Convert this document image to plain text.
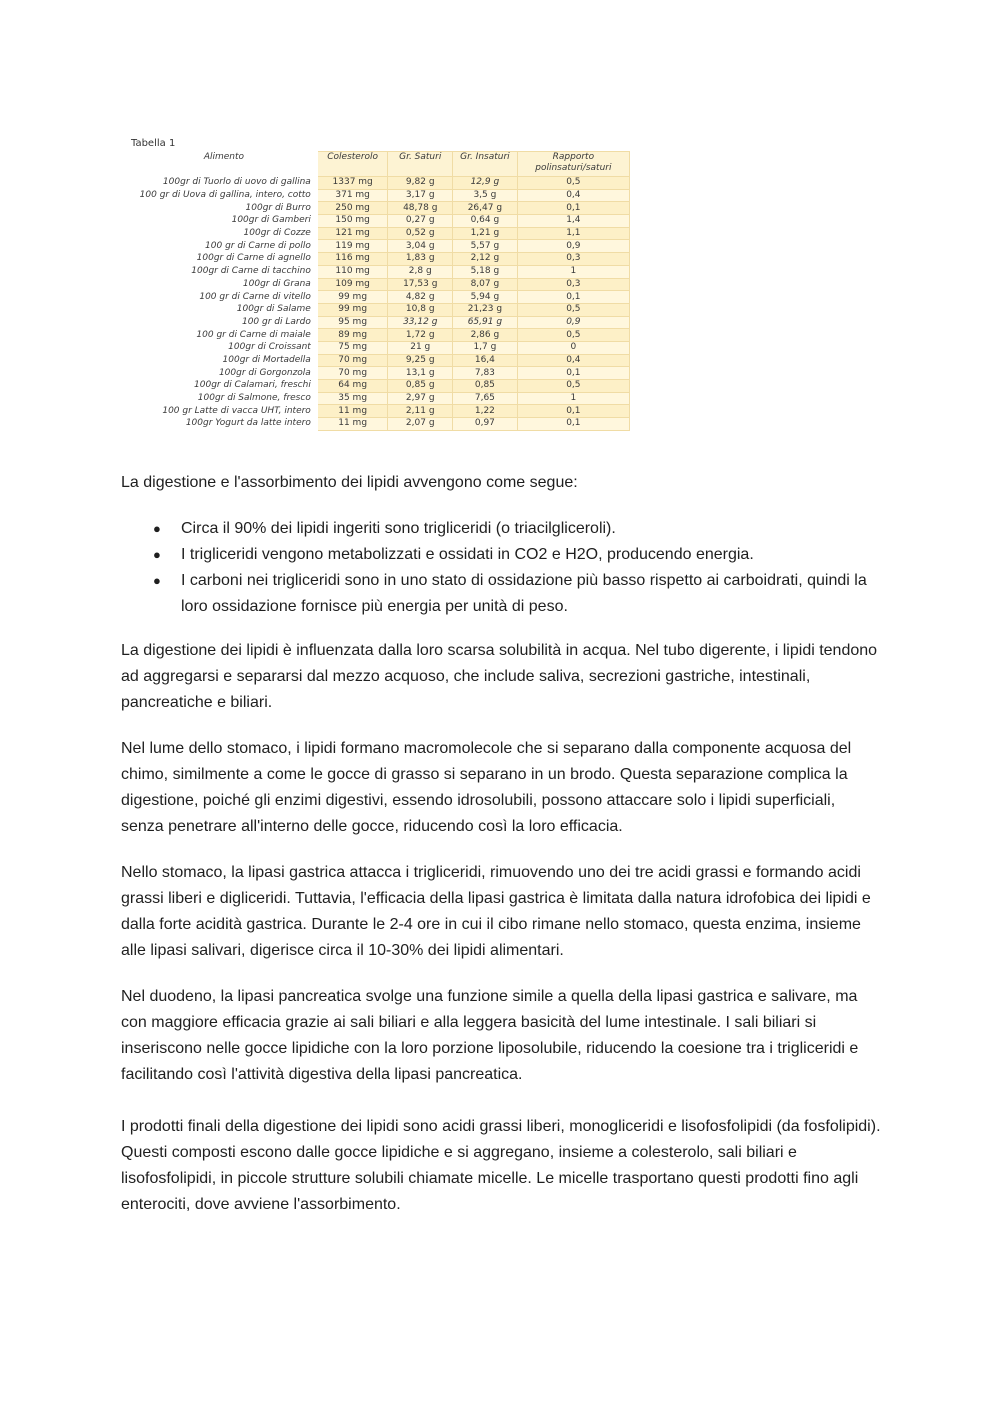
Tabella 1
Alimento	Colesterolo	Gr. Saturi	Gr. Insaturi	Rapporto polinsaturi/saturi
100gr di Tuorlo di uovo di gallina	1337 mg	9,82 g	12,9 g	0,5
100 gr di Uova di gallina, intero, cotto	371 mg	3,17 g	3,5 g	0,4
100gr di Burro	250 mg	48,78 g	26,47 g	0,1
100gr di Gamberi	150 mg	0,27 g	0,64 g	1,4
100gr di Cozze	121 mg	0,52 g	1,21 g	1,1
100 gr di Carne di pollo	119 mg	3,04 g	5,57 g	0,9
100gr di Carne di agnello	116 mg	1,83 g	2,12 g	0,3
100gr di Carne di tacchino	110 mg	2,8 g	5,18 g	1
100gr di Grana	109 mg	17,53 g	8,07 g	0,3
100 gr di Carne di vitello	99 mg	4,82 g	5,94 g	0,1
100gr di Salame	99 mg	10,8 g	21,23 g	0,5
100 gr di Lardo	95 mg	33,12 g	65,91 g	0,9
100 gr di Carne di maiale	89 mg	1,72 g	2,86 g	0,5
100gr di Croissant	75 mg	21 g	1,7 g	0
100gr di Mortadella	70 mg	9,25 g	16,4	0,4
100gr di Gorgonzola	70 mg	13,1 g	7,83	0,1
100gr di Calamari, freschi	64 mg	0,85 g	0,85	0,5
100gr di Salmone, fresco	35 mg	2,97 g	7,65	1
100 gr Latte di vacca UHT, intero	11 mg	2,11 g	1,22	0,1
100gr Yogurt da latte intero	11 mg	2,07 g	0,97	0,1

La digestione e l'assorbimento dei lipidi avvengono come segue:

● Circa il 90% dei lipidi ingeriti sono trigliceridi (o triacilgliceroli).
● I trigliceridi vengono metabolizzati e ossidati in CO2 e H2O, producendo energia.
● I carboni nei trigliceridi sono in uno stato di ossidazione più basso rispetto ai carboidrati, quindi la loro ossidazione fornisce più energia per unità di peso.

La digestione dei lipidi è influenzata dalla loro scarsa solubilità in acqua. Nel tubo digerente, i lipidi tendono ad aggregarsi e separarsi dal mezzo acquoso, che include saliva, secrezioni gastriche, intestinali, pancreatiche e biliari.

Nel lume dello stomaco, i lipidi formano macromolecole che si separano dalla componente acquosa del chimo, similmente a come le gocce di grasso si separano in un brodo. Questa separazione complica la digestione, poiché gli enzimi digestivi, essendo idrosolubili, possono attaccare solo i lipidi superficiali, senza penetrare all'interno delle gocce, riducendo così la loro efficacia.

Nello stomaco, la lipasi gastrica attacca i trigliceridi, rimuovendo uno dei tre acidi grassi e formando acidi grassi liberi e digliceridi. Tuttavia, l'efficacia della lipasi gastrica è limitata dalla natura idrofobica dei lipidi e dalla forte acidità gastrica. Durante le 2-4 ore in cui il cibo rimane nello stomaco, questa enzima, insieme alle lipasi salivari, digerisce circa il 10-30% dei lipidi alimentari.

Nel duodeno, la lipasi pancreatica svolge una funzione simile a quella della lipasi gastrica e salivare, ma con maggiore efficacia grazie ai sali biliari e alla leggera basicità del lume intestinale. I sali biliari si inseriscono nelle gocce lipidiche con la loro porzione liposolubile, riducendo la coesione tra i trigliceridi e facilitando così l'attività digestiva della lipasi pancreatica.

I prodotti finali della digestione dei lipidi sono acidi grassi liberi, monogliceridi e lisofosfolipidi (da fosfolipidi). Questi composti escono dalle gocce lipidiche e si aggregano, insieme a colesterolo, sali biliari e lisofosfolipidi, in piccole strutture solubili chiamate micelle. Le micelle trasportano questi prodotti fino agli enterociti, dove avviene l'assorbimento.
